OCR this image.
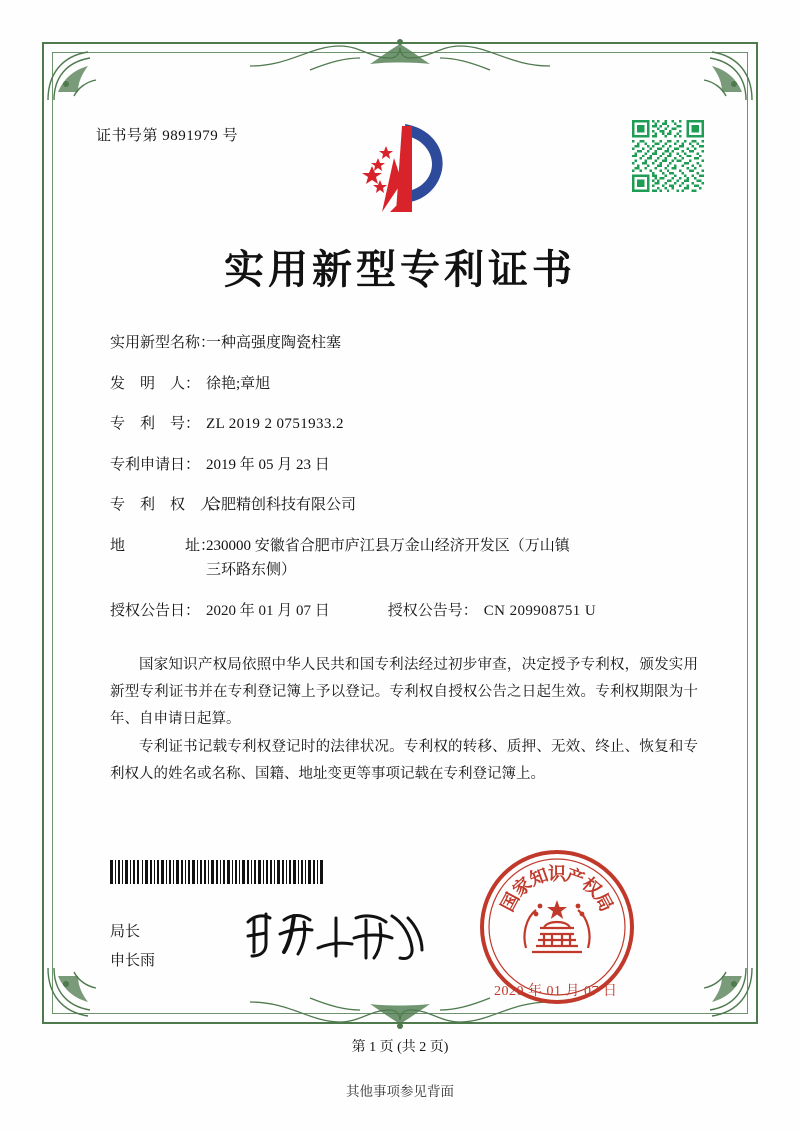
证书号第 9891979 号
实用新型专利证书
实用新型名称：
一种高强度陶瓷柱塞
发　明　人： 徐艳;章旭
专　利　号： ZL 2019 2 0751933.2
专利申请日： 2019 年 05 月 23 日
专　利　权　人：
合肥精创科技有限公司
地　　　　址：
230000 安徽省合肥市庐江县万金山经济开发区（万山镇
三环路东侧）
授权公告日： 2020 年 01 月 07 日	授权公告号： CN 209908751 U

国家知识产权局依照中华人民共和国专利法经过初步审查，决定授予专利权，颁发实用新型专利证书并在专利登记簿上予以登记。专利权自授权公告之日起生效。专利权期限为十年、自申请日起算。

专利证书记载专利权登记时的法律状况。专利权的转移、质押、无效、终止、恢复和专利权人的姓名或名称、国籍、地址变更等事项记载在专利登记簿上。

局长
申长雨
国
家
知
识
产
权
局
2020 年 01 月 07 日
第 1 页 (共 2 页)
其他事项参见背面
